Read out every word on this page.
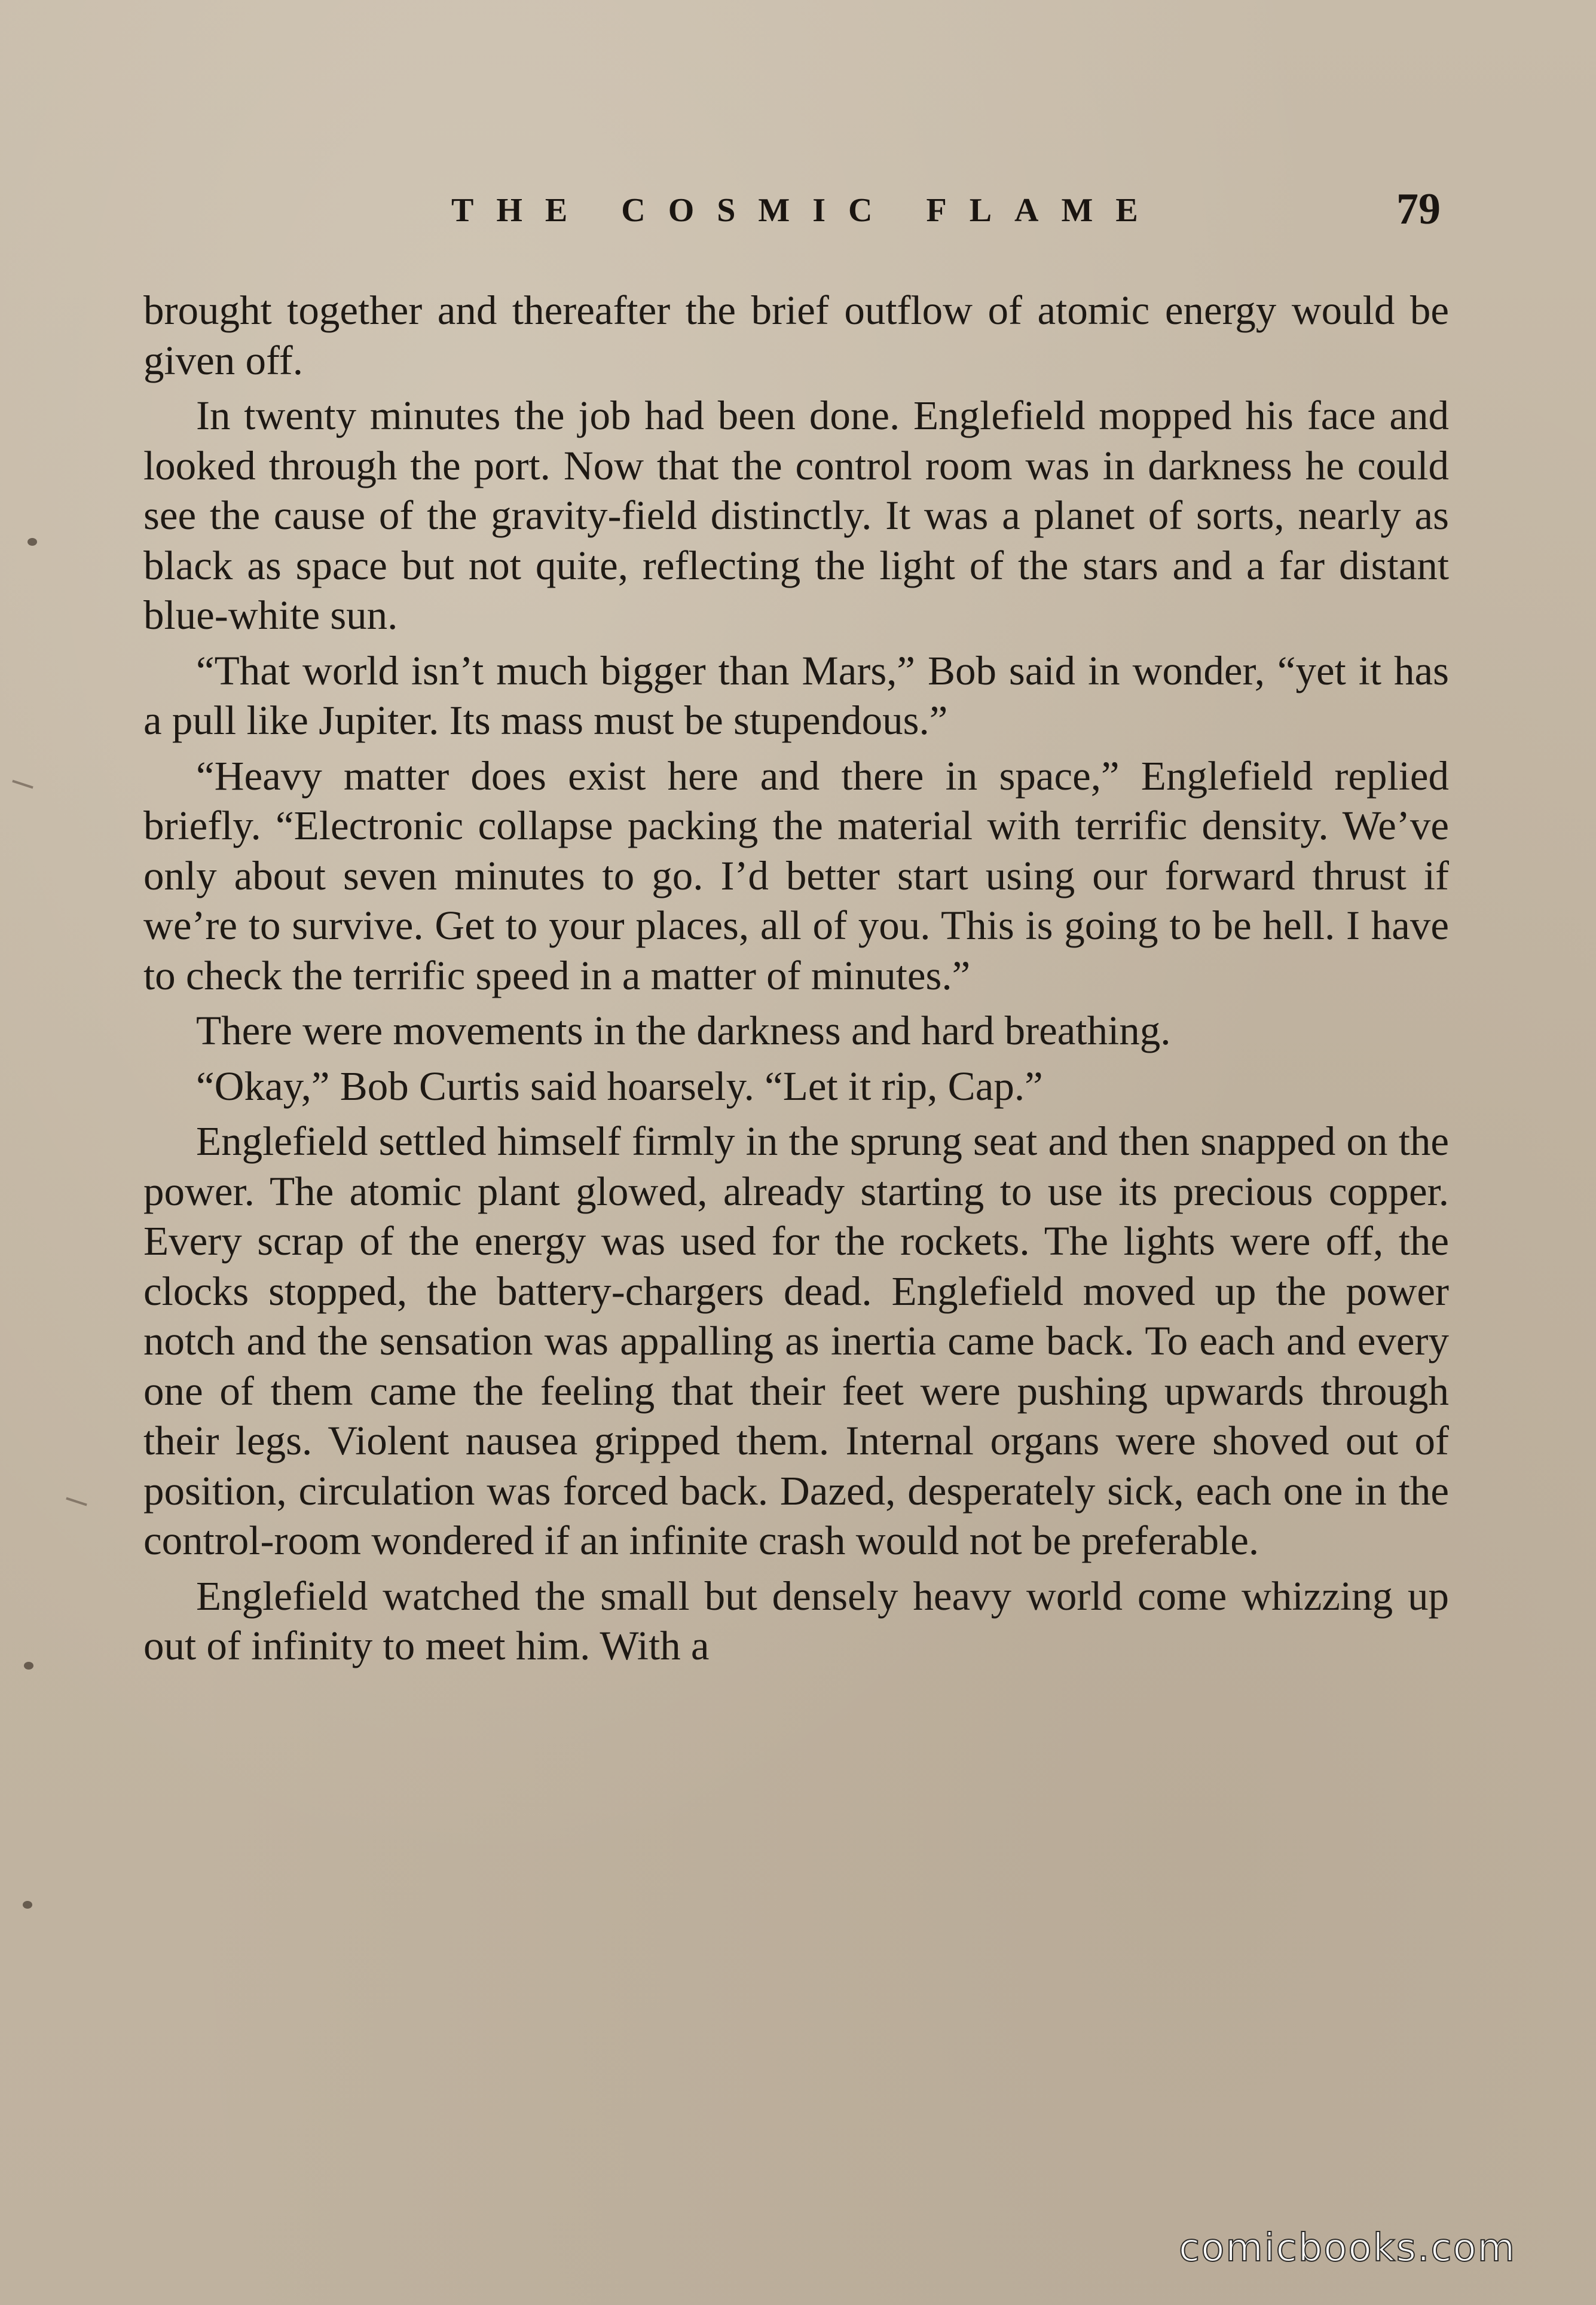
THE COSMIC FLAME	79

brought together and thereafter the brief outflow of atomic energy would be given off.

In twenty minutes the job had been done. Englefield mopped his face and looked through the port. Now that the control room was in darkness he could see the cause of the gravity-field distinctly. It was a planet of sorts, nearly as black as space but not quite, reflecting the light of the stars and a far distant blue-white sun.

“That world isn’t much bigger than Mars,” Bob said in wonder, “yet it has a pull like Jupiter. Its mass must be stupendous.”

“Heavy matter does exist here and there in space,” Englefield replied briefly. “Electronic collapse packing the material with terrific density. We’ve only about seven minutes to go. I’d better start using our forward thrust if we’re to survive. Get to your places, all of you. This is going to be hell. I have to check the terrific speed in a matter of minutes.”

There were movements in the darkness and hard breathing.

“Okay,” Bob Curtis said hoarsely. “Let it rip, Cap.”

Englefield settled himself firmly in the sprung seat and then snapped on the power. The atomic plant glowed, already starting to use its precious copper. Every scrap of the energy was used for the rockets. The lights were off, the clocks stopped, the battery-chargers dead. Englefield moved up the power notch and the sensation was appalling as inertia came back. To each and every one of them came the feeling that their feet were pushing upwards through their legs. Violent nausea gripped them. Internal organs were shoved out of position, circulation was forced back. Dazed, desperately sick, each one in the control-room wondered if an infinite crash would not be preferable.

Englefield watched the small but densely heavy world come whizzing up out of infinity to meet him. With a

comicbooks.com
